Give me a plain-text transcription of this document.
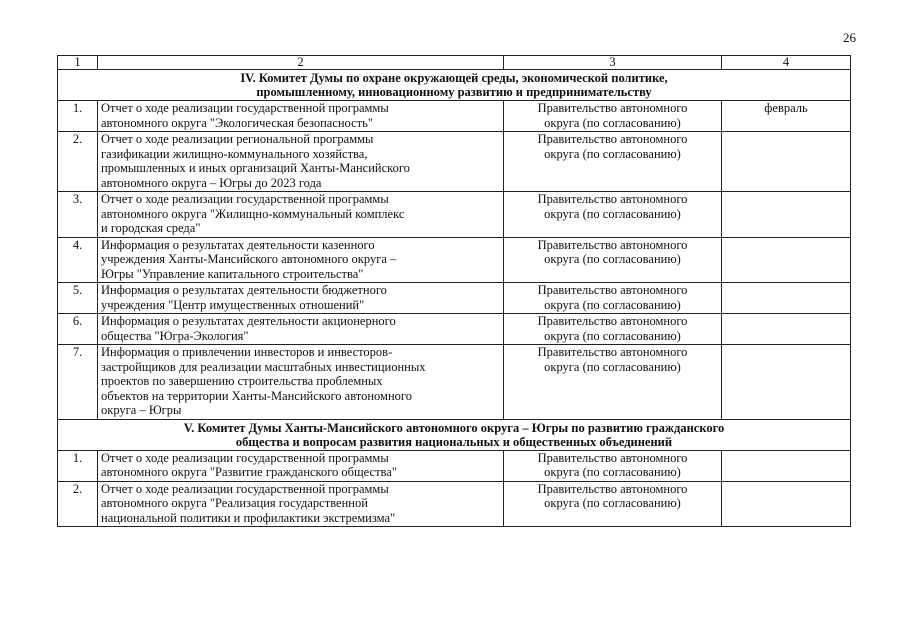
26
1	2	3	4

IV. Комитет Думы по охране окружающей среды, экономической политике,
промышленному, инновационному развитию и предпринимательству			

1.	Отчет о ходе реализации государственной программы
автономного округа "Экологическая безопасность"	Правительство автономного
округа (по согласованию)	февраль
2.	Отчет о ходе реализации региональной программы
газификации жилищно-коммунального хозяйства,
промышленных и иных организаций Ханты-Мансийского
автономного округа – Югры до 2023 года	Правительство автономного
округа (по согласованию)	

3.	Отчет о ходе реализации государственной программы
автономного округа "Жилищно-коммунальный комплекс
и городская среда"	Правительство автономного
округа (по согласованию)	

4.	Информация о результатах деятельности казенного
учреждения Ханты-Мансийского автономного округа –
Югры "Управление капитального строительства"	Правительство автономного
округа (по согласованию)	

5.	Информация о результатах деятельности бюджетного
учреждения "Центр имущественных отношений"	Правительство автономного
округа (по согласованию)	

6.	Информация о результатах деятельности акционерного
общества "Югра-Экология"	Правительство автономного
округа (по согласованию)	

7.	Информация о привлечении инвесторов и инвесторов-
застройщиков для реализации масштабных инвестиционных
проектов по завершению строительства проблемных
объектов на территории Ханты-Мансийского автономного
округа – Югры	Правительство автономного
округа (по согласованию)	

V. Комитет Думы Ханты-Мансийского автономного округа – Югры по развитию гражданского
общества и вопросам развития национальных и общественных объединений			

1.	Отчет о ходе реализации государственной программы
автономного округа "Развитие гражданского общества"	Правительство автономного
округа (по согласованию)	

2.	Отчет о ходе реализации государственной программы
автономного округа "Реализация государственной
национальной политики и профилактики экстремизма"	Правительство автономного
округа (по согласованию)	
